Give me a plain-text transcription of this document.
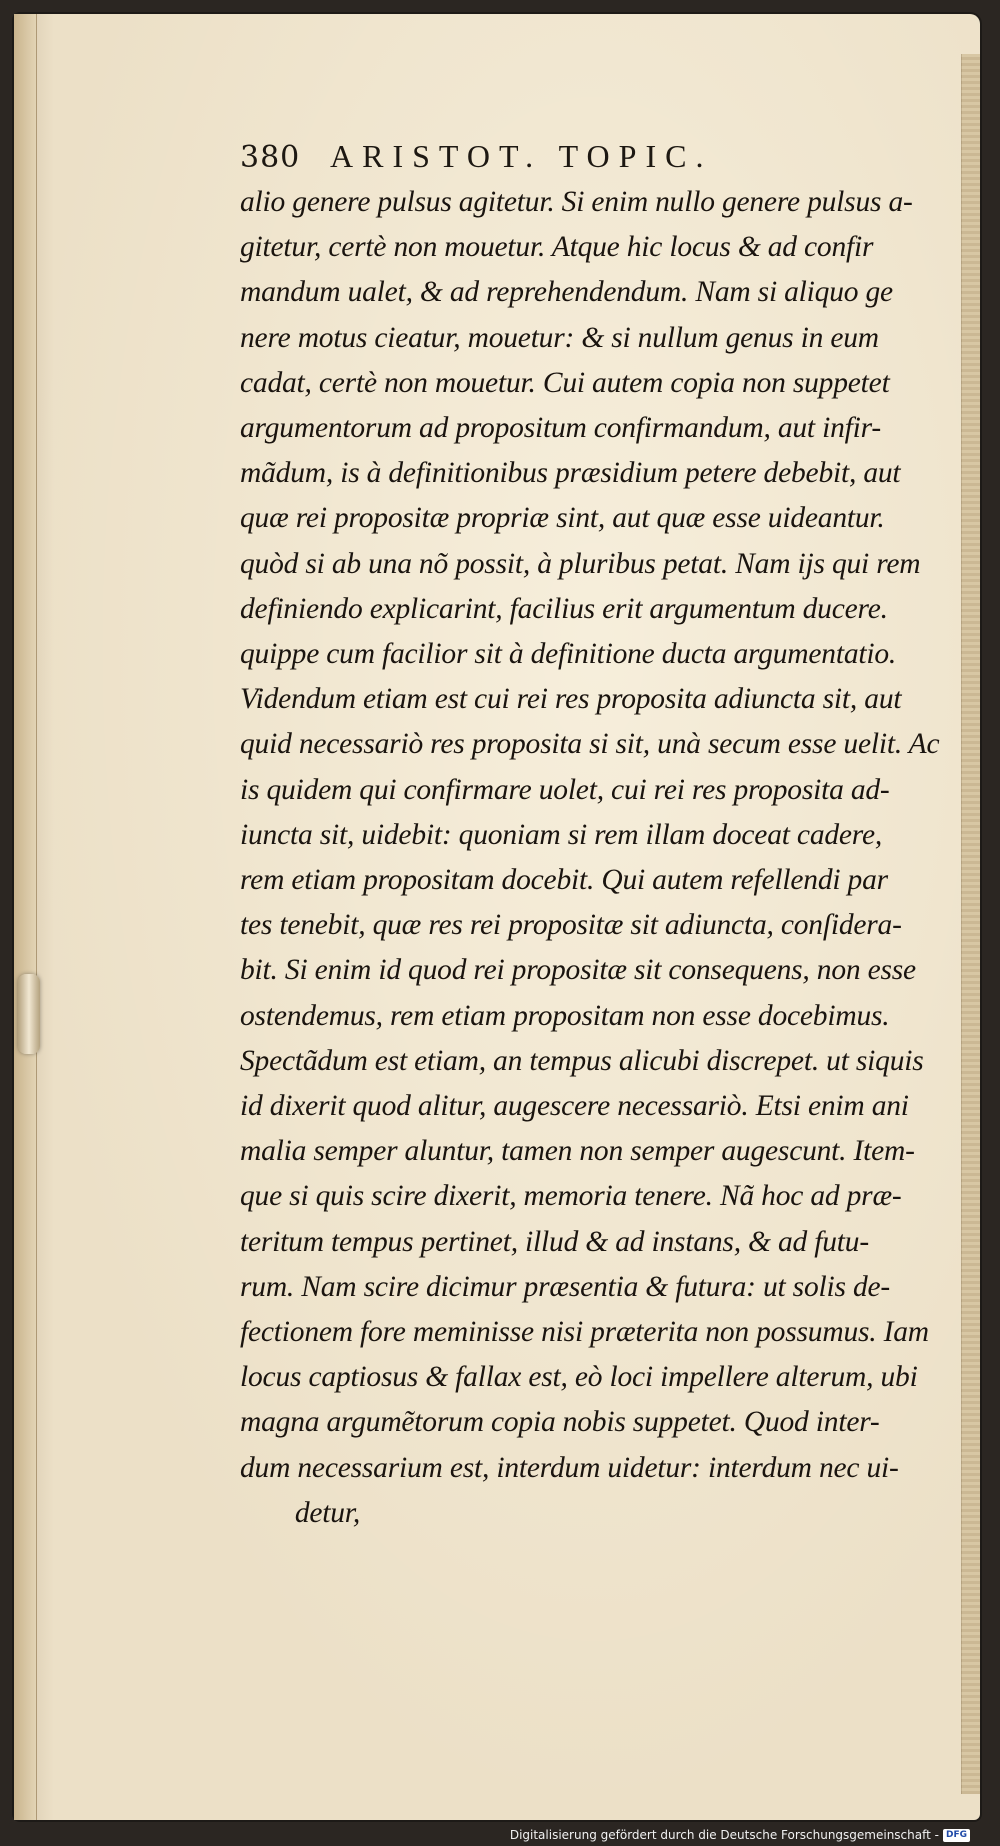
380 ARISTOT. TOPIC.
alio genere pulsus agitetur. Si enim nullo genere pulsus a-
gitetur, certè non mouetur. Atque hic locus & ad confir
mandum ualet, & ad reprehendendum. Nam si aliquo ge
nere motus cieatur, mouetur: & si nullum genus in eum
cadat, certè non mouetur. Cui autem copia non suppetet
argumentorum ad propositum confirmandum, aut infir-
mãdum, is à definitionibus præsidium petere debebit, aut
quæ rei propositæ propriæ sint, aut quæ esse uideantur.
quòd si ab una nõ possit, à pluribus petat. Nam ijs qui rem
definiendo explicarint, facilius erit argumentum ducere.
quippe cum facilior sit à definitione ducta argumentatio.
Videndum etiam est cui rei res proposita adiuncta sit, aut
quid necessariò res proposita si sit, unà secum esse uelit. Ac
is quidem qui confirmare uolet, cui rei res proposita ad-
iuncta sit, uidebit: quoniam si rem illam doceat cadere,
rem etiam propositam docebit. Qui autem refellendi par
tes tenebit, quæ res rei propositæ sit adiuncta, conſidera-
bit. Si enim id quod rei propositæ sit consequens, non esse
ostendemus, rem etiam propositam non esse docebimus.
Spectãdum est etiam, an tempus alicubi discrepet. ut siquis
id dixerit quod alitur, augescere necessariò. Etsi enim ani
malia semper aluntur, tamen non semper augescunt. Item-
que si quis scire dixerit, memoria tenere. Nã hoc ad præ-
teritum tempus pertinet, illud & ad instans, & ad futu-
rum. Nam scire dicimur præsentia & futura: ut solis de-
fectionem fore meminisse nisi præterita non possumus. Iam
locus captiosus & fallax est, eò loci impellere alterum, ubi
magna argumẽtorum copia nobis suppetet. Quod inter-
dum necessarium est, interdum uidetur: interdum nec ui-
detur,
Digitalisierung gefördert durch die Deutsche Forschungsgemeinschaft - DFG
